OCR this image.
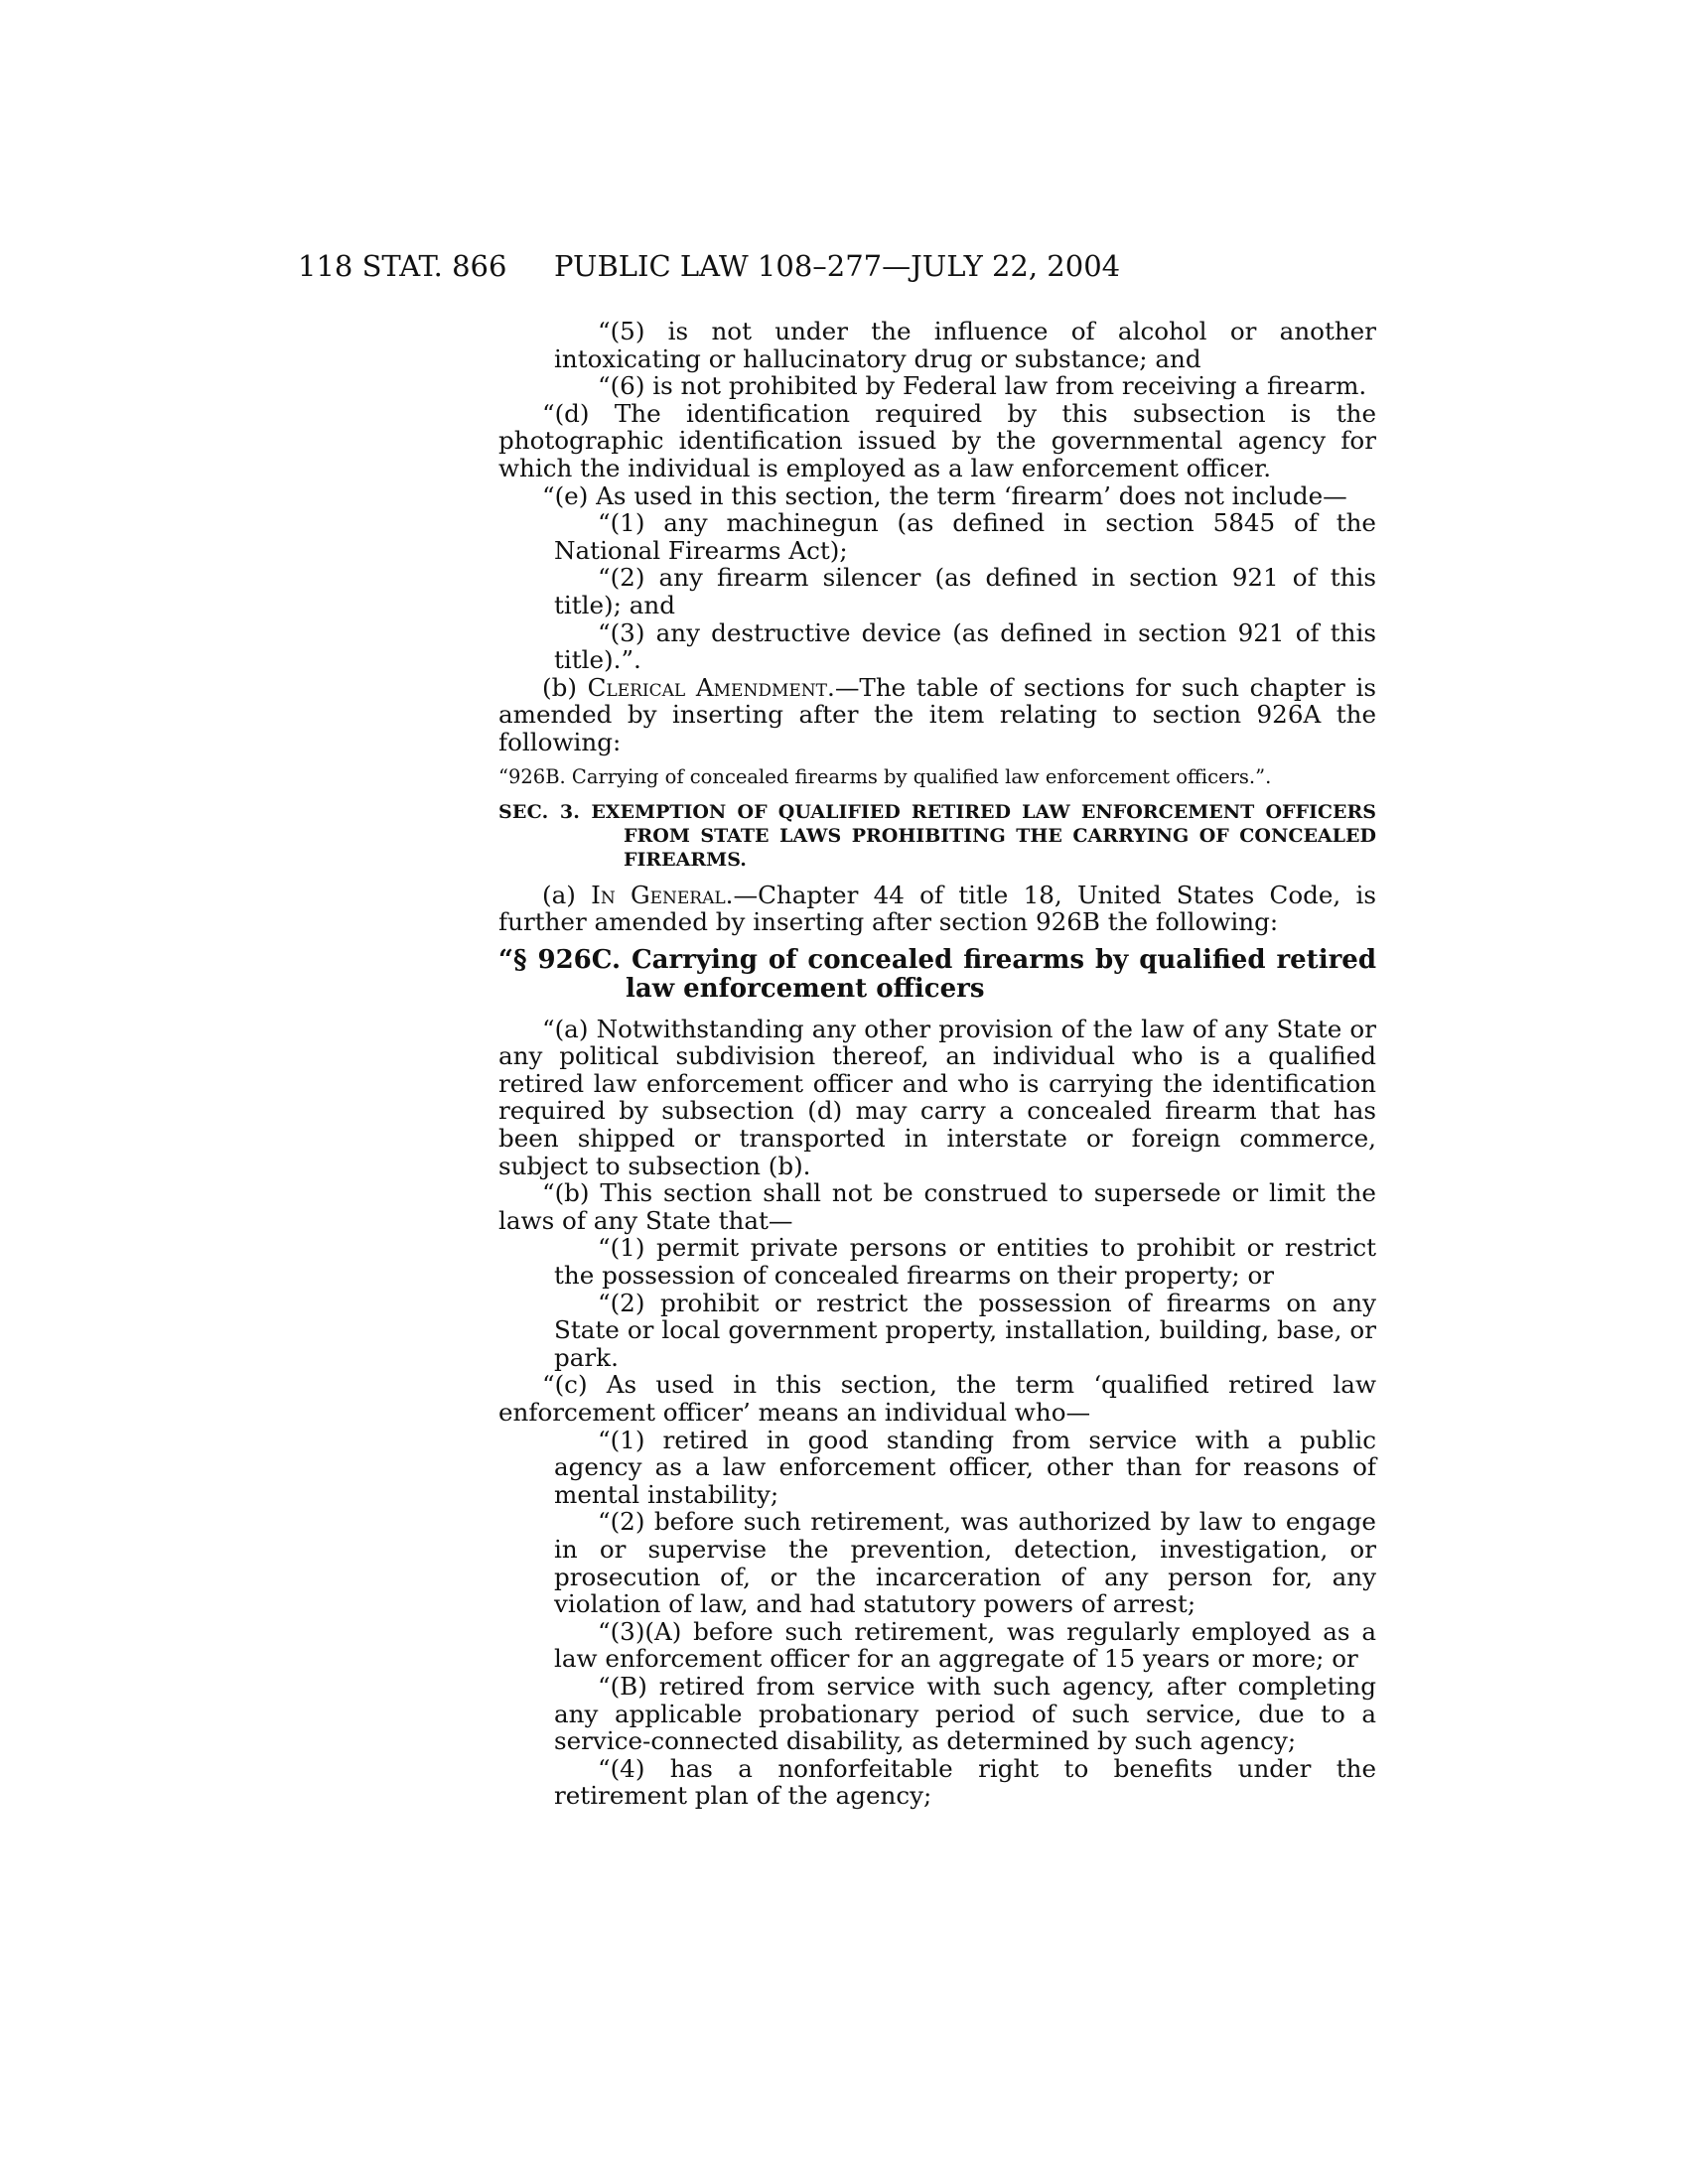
118 STAT. 866 PUBLIC LAW 108–277—JULY 22, 2004

“(5) is not under the influence of alcohol or another intoxicating or hallucinatory drug or substance; and

“(6) is not prohibited by Federal law from receiving a firearm.

“(d) The identification required by this subsection is the photographic identification issued by the governmental agency for which the individual is employed as a law enforcement officer.

“(e) As used in this section, the term ‘firearm’ does not include—

“(1) any machinegun (as defined in section 5845 of the National Firearms Act);

“(2) any firearm silencer (as defined in section 921 of this title); and

“(3) any destructive device (as defined in section 921 of this title).”.

(b) Clerical Amendment.—The table of sections for such chapter is amended by inserting after the item relating to section 926A the following:

“926B. Carrying of concealed firearms by qualified law enforcement officers.”.

SEC. 3. EXEMPTION OF QUALIFIED RETIRED LAW ENFORCEMENT OFFICERS FROM STATE LAWS PROHIBITING THE CARRYING OF CONCEALED FIREARMS.

(a) In General.—Chapter 44 of title 18, United States Code, is further amended by inserting after section 926B the following:

“§ 926C. Carrying of concealed firearms by qualified retired law enforcement officers

“(a) Notwithstanding any other provision of the law of any State or any political subdivision thereof, an individual who is a qualified retired law enforcement officer and who is carrying the identification required by subsection (d) may carry a concealed firearm that has been shipped or transported in interstate or foreign commerce, subject to subsection (b).

“(b) This section shall not be construed to supersede or limit the laws of any State that—

“(1) permit private persons or entities to prohibit or restrict the possession of concealed firearms on their property; or

“(2) prohibit or restrict the possession of firearms on any State or local government property, installation, building, base, or park.

“(c) As used in this section, the term ‘qualified retired law enforcement officer’ means an individual who—

“(1) retired in good standing from service with a public agency as a law enforcement officer, other than for reasons of mental instability;

“(2) before such retirement, was authorized by law to engage in or supervise the prevention, detection, investigation, or prosecution of, or the incarceration of any person for, any violation of law, and had statutory powers of arrest;

“(3)(A) before such retirement, was regularly employed as a law enforcement officer for an aggregate of 15 years or more; or

“(B) retired from service with such agency, after completing any applicable probationary period of such service, due to a service-connected disability, as determined by such agency;

“(4) has a nonforfeitable right to benefits under the retirement plan of the agency;
